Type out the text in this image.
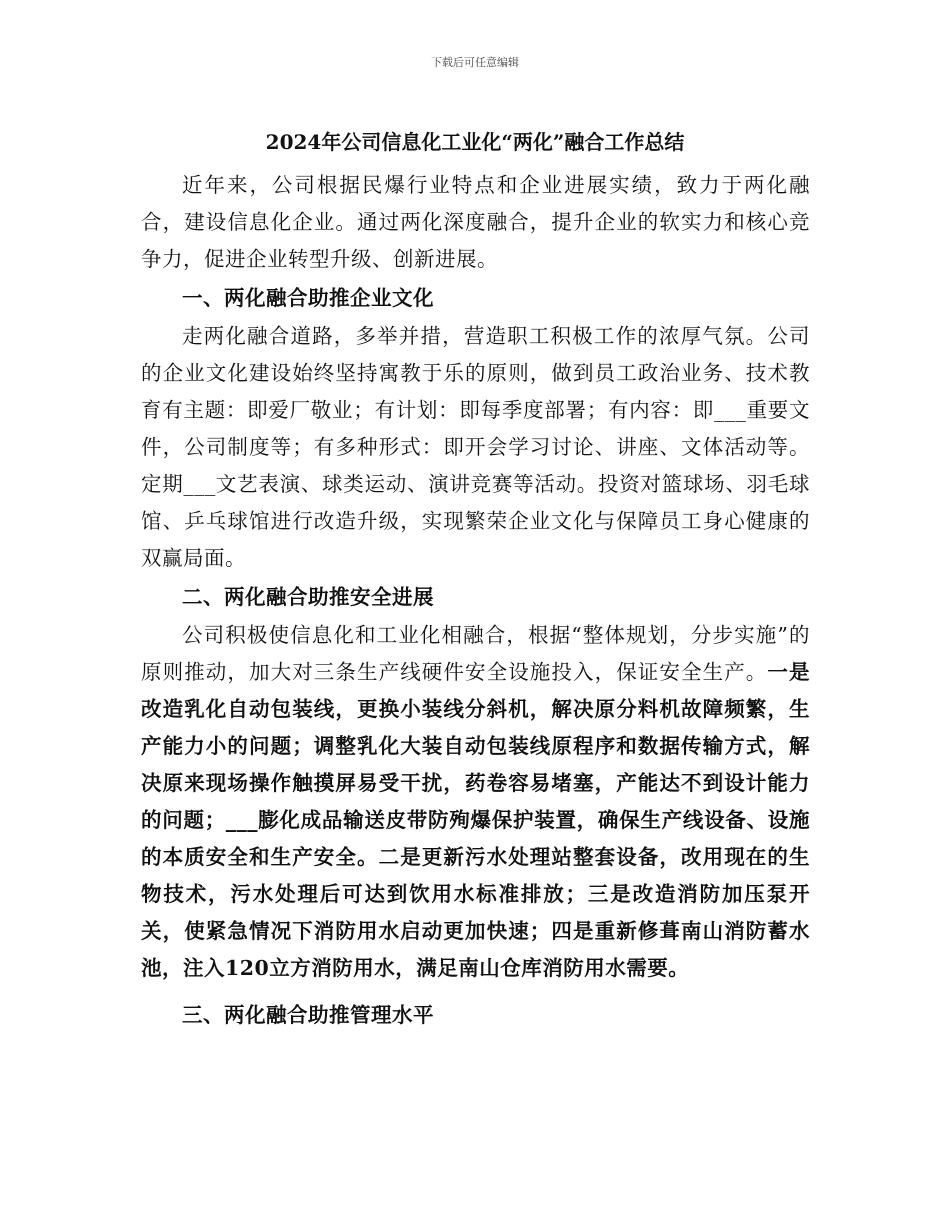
下载后可任意编辑
2024年公司信息化工业化“两化”融合工作总结

近年来，公司根据民爆行业特点和企业进展实绩，致力于两化融合，建设信息化企业。通过两化深度融合，提升企业的软实力和核心竞争力，促进企业转型升级、创新进展。

一、两化融合助推企业文化

走两化融合道路，多举并措，营造职工积极工作的浓厚气氛。公司的企业文化建设始终坚持寓教于乐的原则，做到员工政治业务、技术教育有主题：即爱厂敬业；有计划：即每季度部署；有内容：即___重要文件，公司制度等；有多种形式：即开会学习讨论、讲座、文体活动等。定期___文艺表演、球类运动、演讲竞赛等活动。投资对篮球场、羽毛球馆、乒乓球馆进行改造升级，实现繁荣企业文化与保障员工身心健康的双赢局面。

二、两化融合助推安全进展

公司积极使信息化和工业化相融合，根据“整体规划，分步实施”的原则推动，加大对三条生产线硬件安全设施投入，保证安全生产。一是改造乳化自动包装线，更换小装线分斜机，解决原分料机故障频繁，生产能力小的问题；调整乳化大装自动包装线原程序和数据传输方式，解决原来现场操作触摸屏易受干扰，药卷容易堵塞，产能达不到设计能力的问题；___膨化成品输送皮带防殉爆保护装置，确保生产线设备、设施的本质安全和生产安全。二是更新污水处理站整套设备，改用现在的生物技术，污水处理后可达到饮用水标准排放；三是改造消防加压泵开关，使紧急情况下消防用水启动更加快速；四是重新修葺南山消防蓄水池，注入120立方消防用水，满足南山仓库消防用水需要。

三、两化融合助推管理水平
